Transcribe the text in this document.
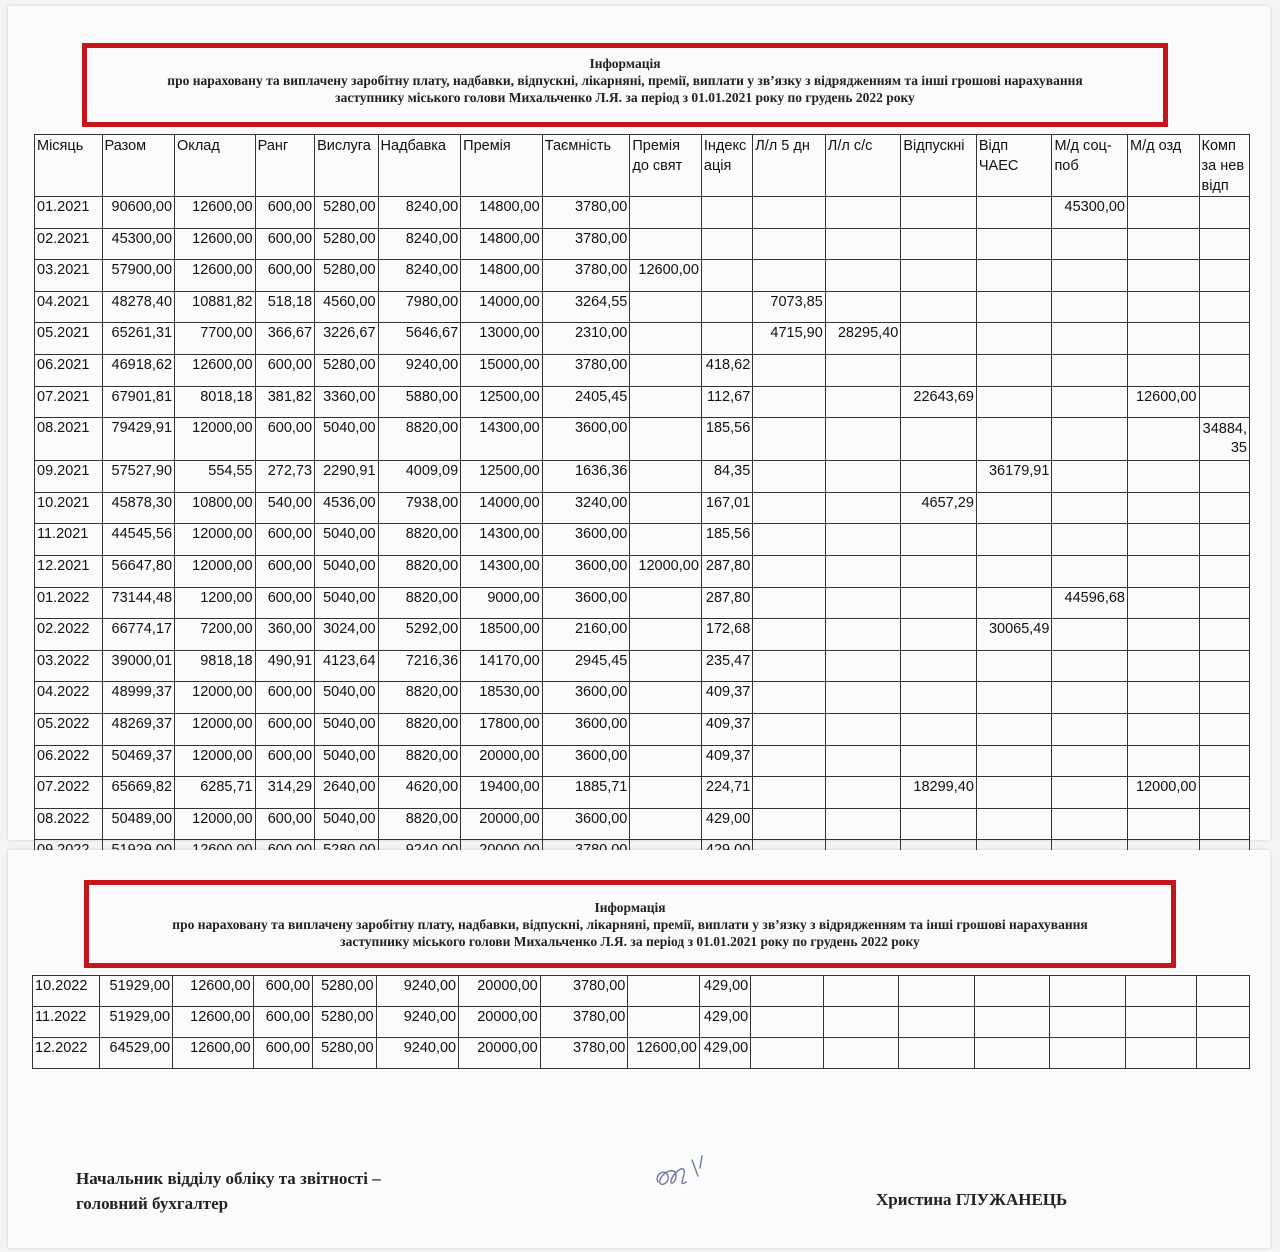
Інформація
про нараховану та виплачену заробітну плату, надбавки, відпускні, лікарняні, премії, виплати у зв’язку з відрядженням та інші грошові нарахування
заступнику міського голови Михальченко Л.Я. за період з 01.01.2021 року по грудень 2022 року
Місяць	Разом	Оклад	Ранг	Вислуга	Надбавка	Премія	Таємність	Премія до свят	Індекс ація	Л/л 5 дн	Л/л с/с	Відпускні	Відп ЧАЕС	М/д соц-поб	М/д озд	Комп за нев відп
01.2021	90600,00	12600,00	600,00	5280,00	8240,00	14800,00	3780,00							45300,00		
02.2021	45300,00	12600,00	600,00	5280,00	8240,00	14800,00	3780,00									
03.2021	57900,00	12600,00	600,00	5280,00	8240,00	14800,00	3780,00	12600,00								
04.2021	48278,40	10881,82	518,18	4560,00	7980,00	14000,00	3264,55			7073,85						
05.2021	65261,31	7700,00	366,67	3226,67	5646,67	13000,00	2310,00			4715,90	28295,40					
06.2021	46918,62	12600,00	600,00	5280,00	9240,00	15000,00	3780,00		418,62							
07.2021	67901,81	8018,18	381,82	3360,00	5880,00	12500,00	2405,45		112,67			22643,69			12600,00	
08.2021	79429,91	12000,00	600,00	5040,00	8820,00	14300,00	3600,00		185,56							34884,35
09.2021	57527,90	554,55	272,73	2290,91	4009,09	12500,00	1636,36		84,35				36179,91			
10.2021	45878,30	10800,00	540,00	4536,00	7938,00	14000,00	3240,00		167,01			4657,29				
11.2021	44545,56	12000,00	600,00	5040,00	8820,00	14300,00	3600,00		185,56							
12.2021	56647,80	12000,00	600,00	5040,00	8820,00	14300,00	3600,00	12000,00	287,80							
01.2022	73144,48	1200,00	600,00	5040,00	8820,00	9000,00	3600,00		287,80					44596,68		
02.2022	66774,17	7200,00	360,00	3024,00	5292,00	18500,00	2160,00		172,68				30065,49			
03.2022	39000,01	9818,18	490,91	4123,64	7216,36	14170,00	2945,45		235,47							
04.2022	48999,37	12000,00	600,00	5040,00	8820,00	18530,00	3600,00		409,37							
05.2022	48269,37	12000,00	600,00	5040,00	8820,00	17800,00	3600,00		409,37							
06.2022	50469,37	12000,00	600,00	5040,00	8820,00	20000,00	3600,00		409,37							
07.2022	65669,82	6285,71	314,29	2640,00	4620,00	19400,00	1885,71		224,71			18299,40			12000,00	
08.2022	50489,00	12000,00	600,00	5040,00	8820,00	20000,00	3600,00		429,00							

Інформація
про нараховану та виплачену заробітну плату, надбавки, відпускні, лікарняні, премії, виплати у зв’язку з відрядженням та інші грошові нарахування
заступнику міського голови Михальченко Л.Я. за період з 01.01.2021 року по грудень 2022 року
10.2022	51929,00	12600,00	600,00	5280,00	9240,00	20000,00	3780,00		429,00							
11.2022	51929,00	12600,00	600,00	5280,00	9240,00	20000,00	3780,00		429,00							
12.2022	64529,00	12600,00	600,00	5280,00	9240,00	20000,00	3780,00	12600,00	429,00							
Начальник відділу обліку та звітності –
головний бухгалтер	Христина ГЛУЖАНЕЦЬ
